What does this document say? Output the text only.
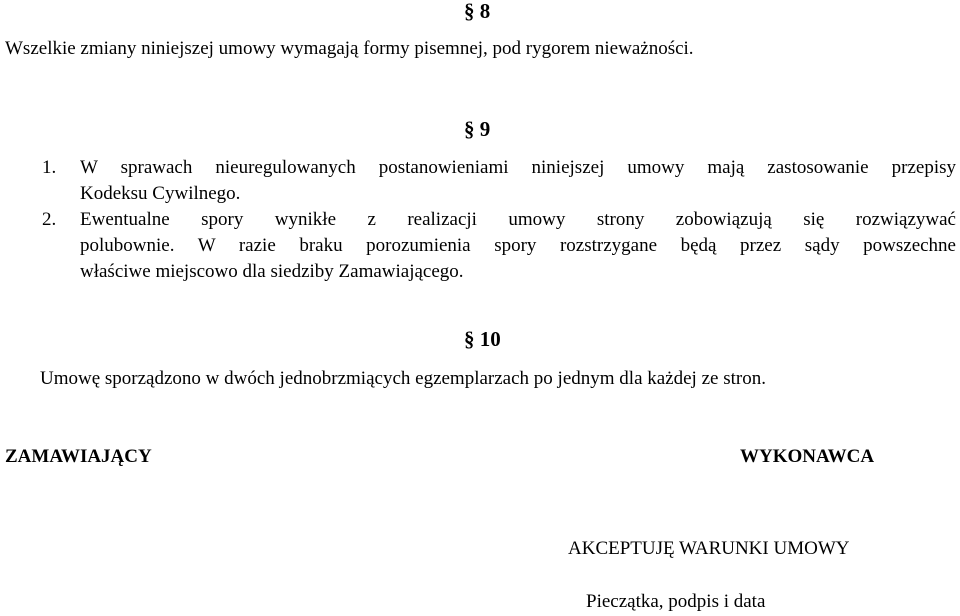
§ 8
Wszelkie zmiany niniejszej umowy wymagają formy pisemnej, pod rygorem nieważności.
§ 9
1. W sprawach nieuregulowanych postanowieniami niniejszej umowy mają zastosowanie przepisy
Kodeksu Cywilnego.
2. Ewentualne spory wynikłe z realizacji umowy strony zobowiązują się rozwiązywać
polubownie. W razie braku porozumienia spory rozstrzygane będą przez sądy powszechne
właściwe miejscowo dla siedziby Zamawiającego.
§ 10
Umowę sporządzono w dwóch jednobrzmiących egzemplarzach po jednym dla każdej ze stron.
ZAMAWIAJĄCY	WYKONAWCA
AKCEPTUJĘ WARUNKI UMOWY
Pieczątka, podpis i data
